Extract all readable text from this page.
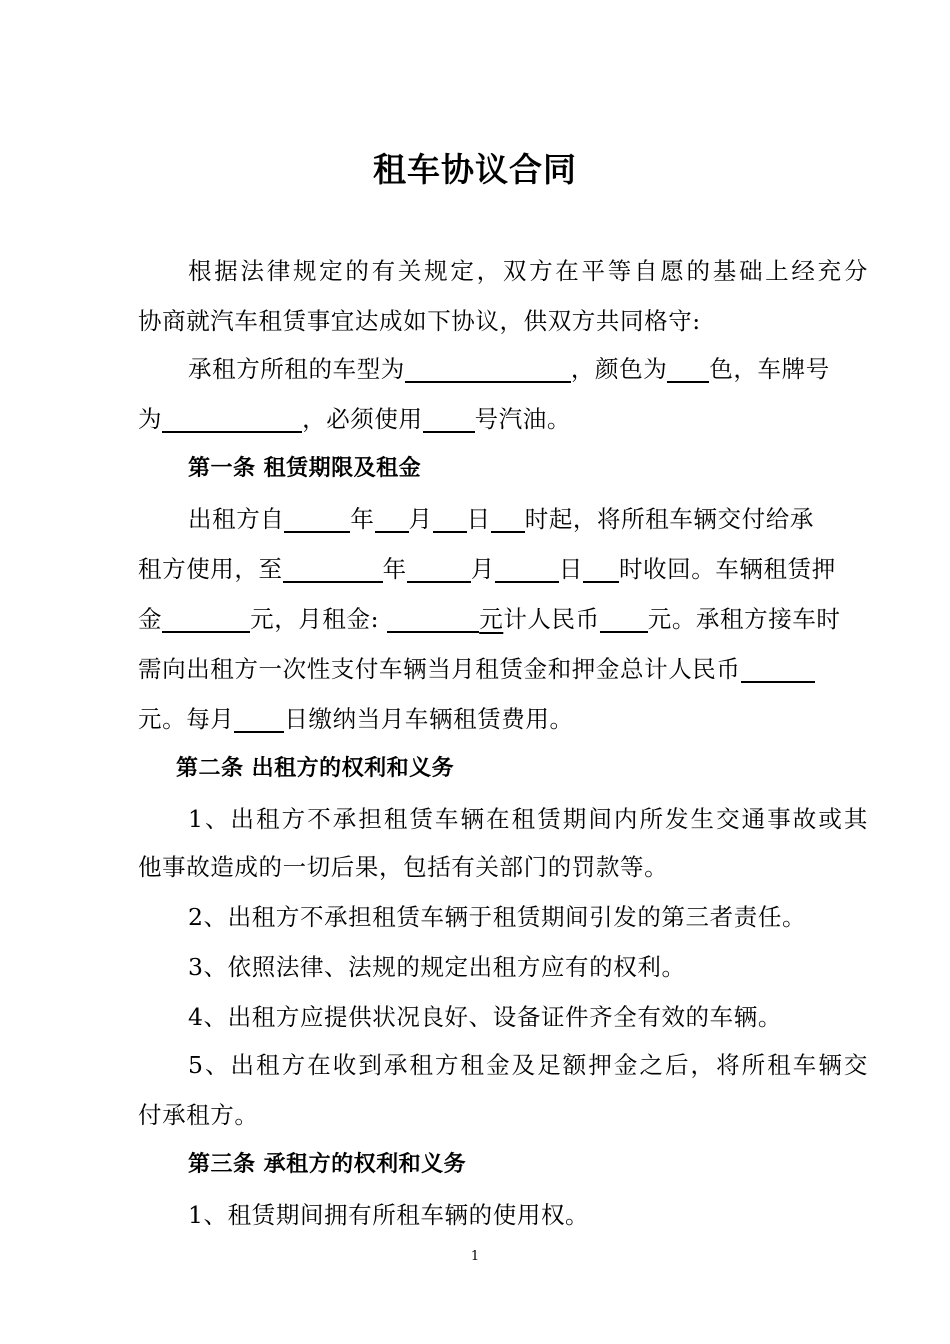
租车协议合同
根据法律规定的有关规定，双方在平等自愿的基础上经充分
协商就汽车租赁事宜达成如下协议，供双方共同格守:
承租方所租的车型为	，颜色为 色，车牌号
为	，必须使用 号汽油。
第一条 租赁期限及租金
出租方自	年 月 日 时起，将所租车辆交付给承
租方使用，至	年	月	日 时收回。车辆租赁押
金	元，月租金:	元计人民币 元。承租方接车时
需向出租方一次性支付车辆当月租赁金和押金总计人民币
元。每月 日缴纳当月车辆租赁费用。
第二条 出租方的权利和义务
1、出租方不承担租赁车辆在租赁期间内所发生交通事故或其
他事故造成的一切后果，包括有关部门的罚款等。
2、出租方不承担租赁车辆于租赁期间引发的第三者责任。
3、依照法律、法规的规定出租方应有的权利。
4、出租方应提供状况良好、设备证件齐全有效的车辆。
5、出租方在收到承租方租金及足额押金之后，将所租车辆交
付承租方。
第三条 承租方的权利和义务
1、租赁期间拥有所租车辆的使用权。
1
